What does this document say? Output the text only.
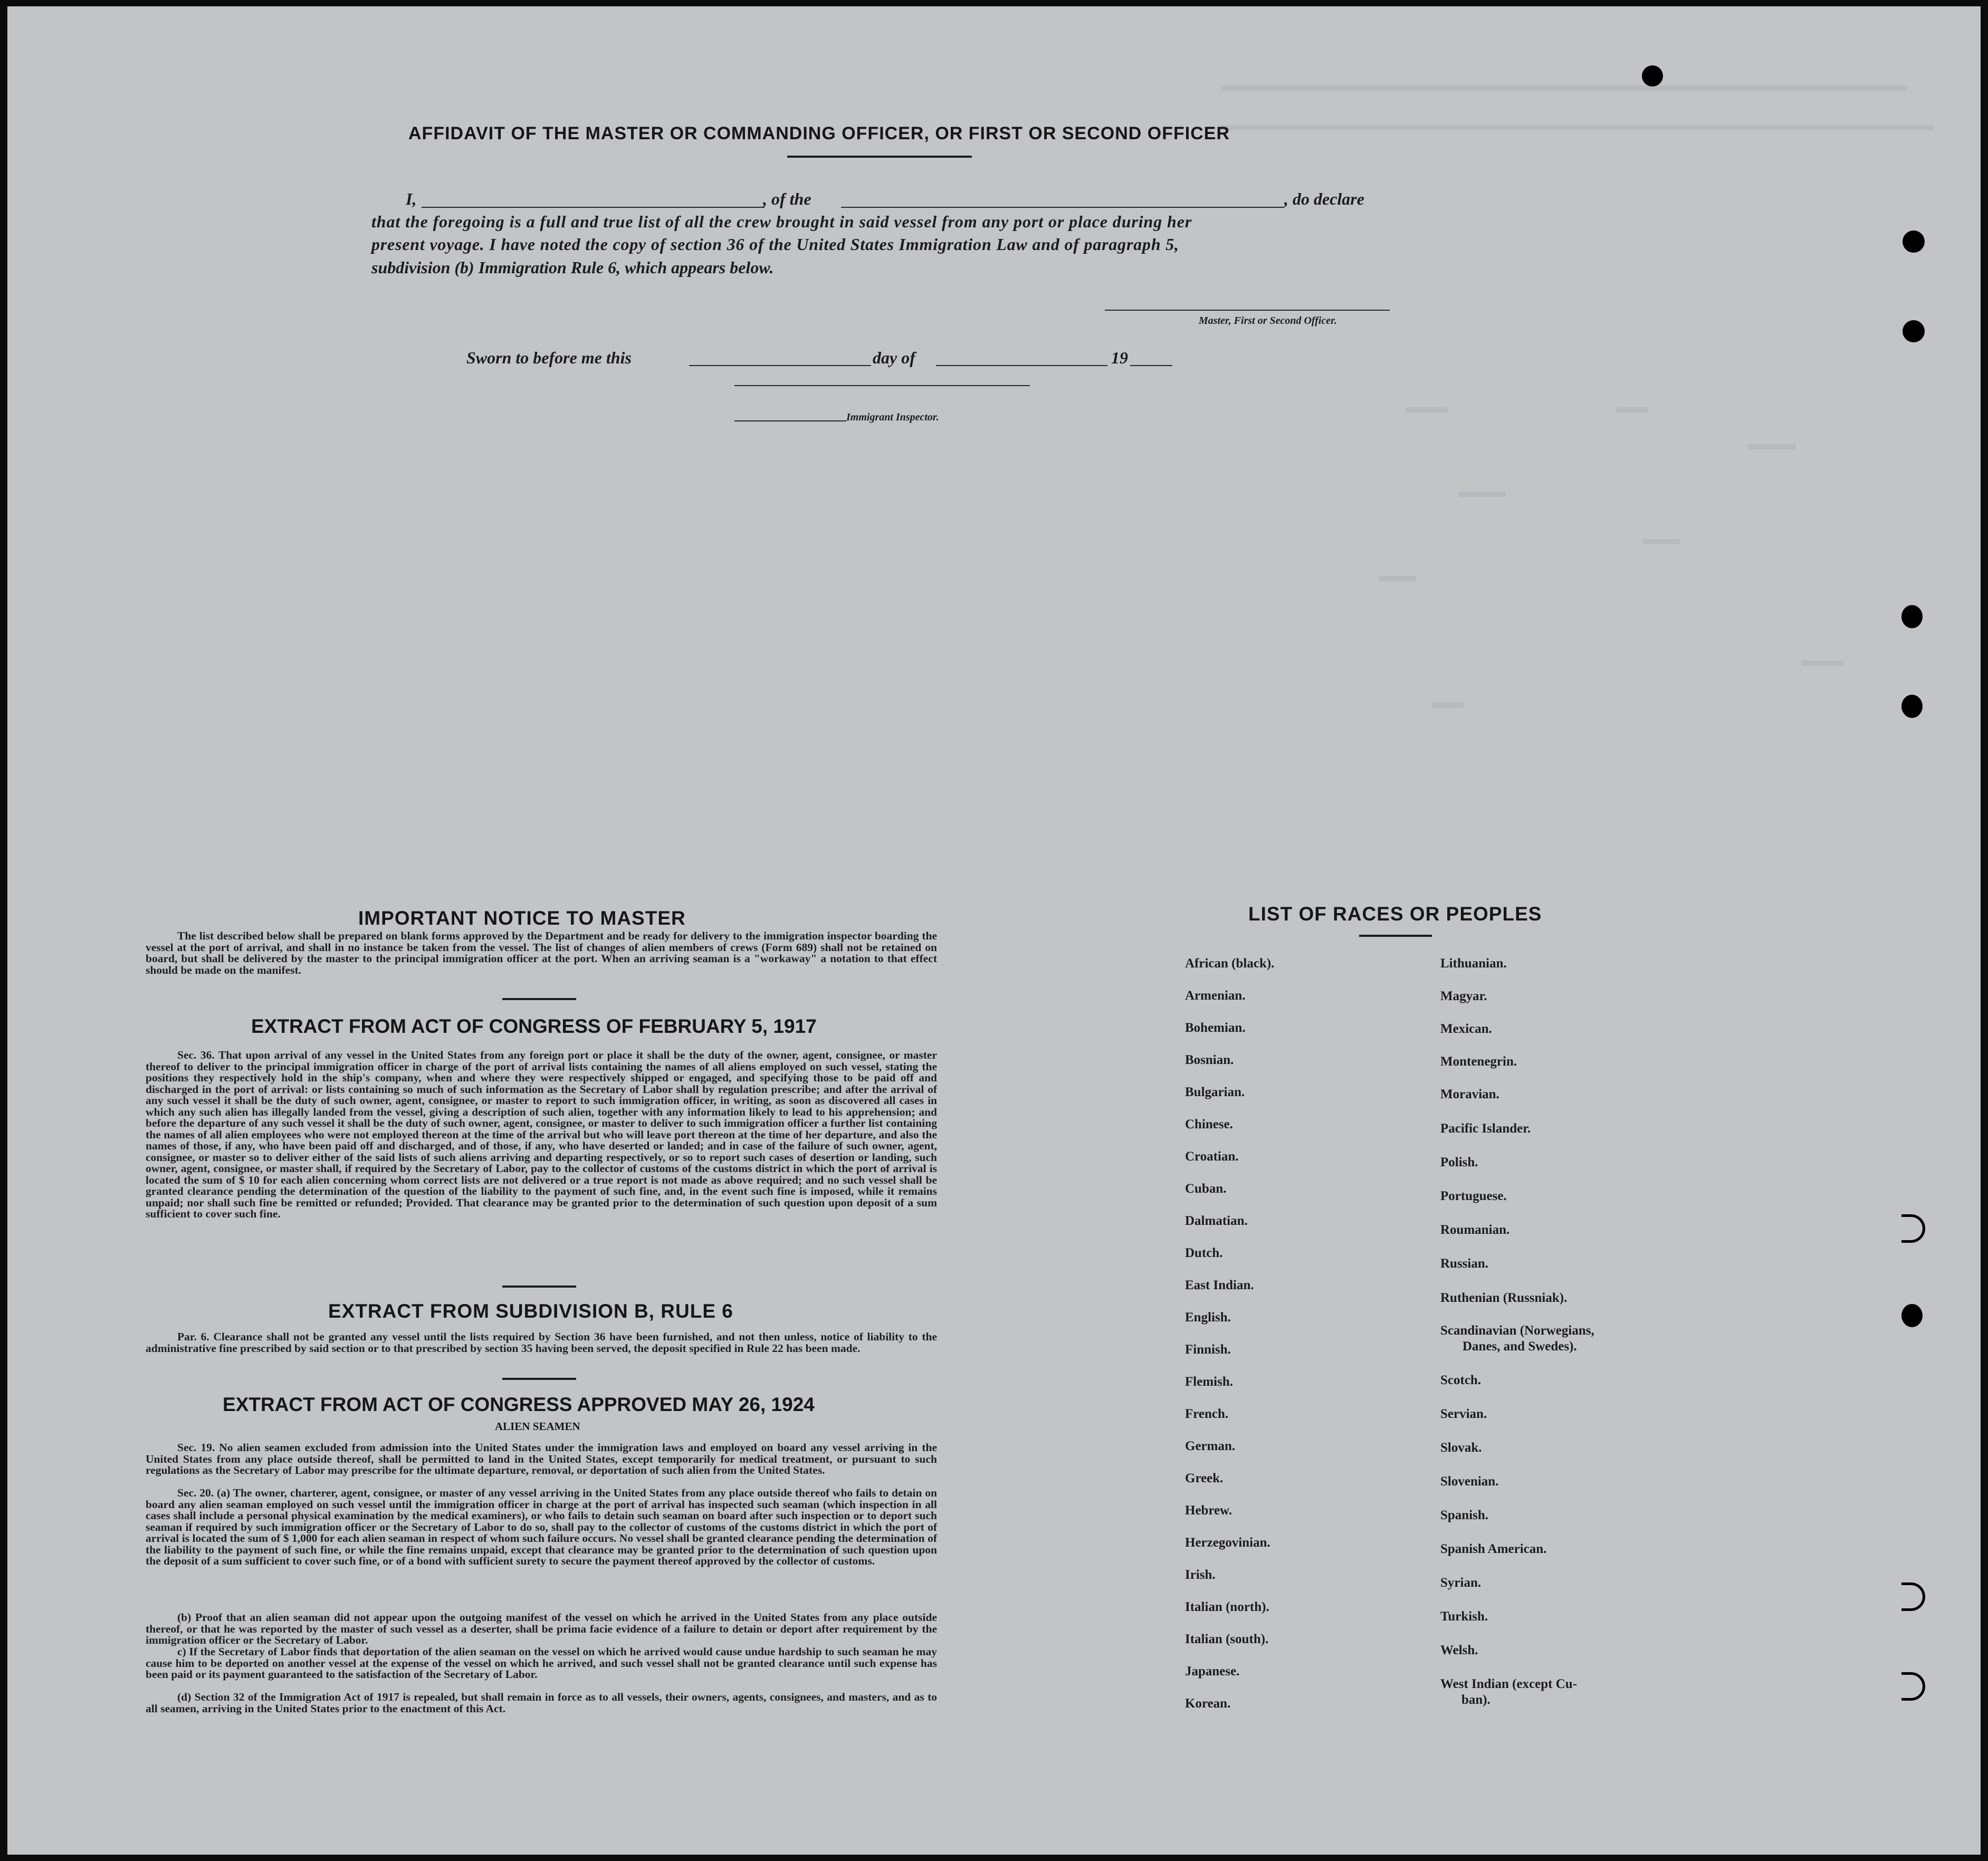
AFFIDAVIT OF THE MASTER OR COMMANDING OFFICER, OR FIRST OR SECOND OFFICER
I,	, of the	, do declare
that the foregoing is a full and true list of all the crew brought in said vessel from any port or place during her
present voyage. I have noted the copy of section 36 of the United States Immigration Law and of paragraph 5,
subdivision (b) Immigration Rule 6, which appears below.
Master, First or Second Officer.
Sworn to before me this	day of	19
Immigrant Inspector.
IMPORTANT NOTICE TO MASTER

The list described below shall be prepared on blank forms approved by the Department and be ready for delivery to the immigration inspector boarding the vessel at the port of arrival, and shall in no instance be taken from the vessel. The list of changes of alien members of crews (Form 689) shall not be retained on board, but shall be delivered by the master to the principal immigration officer at the port. When an arriving seaman is a "workaway" a notation to that effect should be made on the manifest.

EXTRACT FROM ACT OF CONGRESS OF FEBRUARY 5, 1917

Sec. 36. That upon arrival of any vessel in the United States from any foreign port or place it shall be the duty of the owner, agent, consignee, or master thereof to deliver to the principal immigration officer in charge of the port of arrival lists containing the names of all aliens employed on such vessel, stating the positions they respectively hold in the ship's company, when and where they were respectively shipped or engaged, and specifying those to be paid off and discharged in the port of arrival: or lists containing so much of such information as the Secretary of Labor shall by regulation prescribe; and after the arrival of any such vessel it shall be the duty of such owner, agent, consignee, or master to report to such immigration officer, in writing, as soon as discovered all cases in which any such alien has illegally landed from the vessel, giving a description of such alien, together with any information likely to lead to his apprehension; and before the departure of any such vessel it shall be the duty of such owner, agent, consignee, or master to deliver to such immigration officer a further list containing the names of all alien employees who were not employed thereon at the time of the arrival but who will leave port thereon at the time of her departure, and also the names of those, if any, who have been paid off and discharged, and of those, if any, who have deserted or landed; and in case of the failure of such owner, agent, consignee, or master so to deliver either of the said lists of such aliens arriving and departing respectively, or so to report such cases of desertion or landing, such owner, agent, consignee, or master shall, if required by the Secretary of Labor, pay to the collector of customs of the customs district in which the port of arrival is located the sum of $ 10 for each alien concerning whom correct lists are not delivered or a true report is not made as above required; and no such vessel shall be granted clearance pending the determination of the question of the liability to the payment of such fine, and, in the event such fine is imposed, while it remains unpaid; nor shall such fine be remitted or refunded; Provided. That clearance may be granted prior to the determination of such question upon deposit of a sum sufficient to cover such fine.

EXTRACT FROM SUBDIVISION B, RULE 6

Par. 6. Clearance shall not be granted any vessel until the lists required by Section 36 have been furnished, and not then unless, notice of liability to the administrative fine prescribed by said section or to that prescribed by section 35 having been served, the deposit specified in Rule 22 has been made.

EXTRACT FROM ACT OF CONGRESS APPROVED MAY 26, 1924
ALIEN SEAMEN

Sec. 19. No alien seamen excluded from admission into the United States under the immigration laws and employed on board any vessel arriving in the United States from any place outside thereof, shall be permitted to land in the United States, except temporarily for medical treatment, or pursuant to such regulations as the Secretary of Labor may prescribe for the ultimate departure, removal, or deportation of such alien from the United States.

Sec. 20. (a) The owner, charterer, agent, consignee, or master of any vessel arriving in the United States from any place outside thereof who fails to detain on board any alien seaman employed on such vessel until the immigration officer in charge at the port of arrival has inspected such seaman (which inspection in all cases shall include a personal physical examination by the medical examiners), or who fails to detain such seaman on board after such inspection or to deport such seaman if required by such immigration officer or the Secretary of Labor to do so, shall pay to the collector of customs of the customs district in which the port of arrival is located the sum of $ 1,000 for each alien seaman in respect of whom such failure occurs. No vessel shall be granted clearance pending the determination of the liability to the payment of such fine, or while the fine remains unpaid, except that clearance may be granted prior to the determination of such question upon the deposit of a sum sufficient to cover such fine, or of a bond with sufficient surety to secure the payment thereof approved by the collector of customs.

(b) Proof that an alien seaman did not appear upon the outgoing manifest of the vessel on which he arrived in the United States from any place outside thereof, or that he was reported by the master of such vessel as a deserter, shall be prima facie evidence of a failure to detain or deport after requirement by the immigration officer or the Secretary of Labor.

c) If the Secretary of Labor finds that deportation of the alien seaman on the vessel on which he arrived would cause undue hardship to such seaman he may cause him to be deported on another vessel at the expense of the vessel on which he arrived, and such vessel shall not be granted clearance until such expense has been paid or its payment guaranteed to the satisfaction of the Secretary of Labor.

(d) Section 32 of the Immigration Act of 1917 is repealed, but shall remain in force as to all vessels, their owners, agents, consignees, and masters, and as to all seamen, arriving in the United States prior to the enactment of this Act.

LIST OF RACES OR PEOPLES
African (black).
Armenian.
Bohemian.
Bosnian.
Bulgarian.
Chinese.
Croatian.
Cuban.
Dalmatian.
Dutch.
East Indian.
English.
Finnish.
Flemish.
French.
German.
Greek.
Hebrew.
Herzegovinian.
Irish.
Italian (north).
Italian (south).
Japanese.
Korean.
Lithuanian.
Magyar.
Mexican.
Montenegrin.
Moravian.
Pacific Islander.
Polish.
Portuguese.
Roumanian.
Russian.
Ruthenian (Russniak).
Scandinavian (Norwegians,
Danes, and Swedes).
Scotch.
Servian.
Slovak.
Slovenian.
Spanish.
Spanish American.
Syrian.
Turkish.
Welsh.
West Indian (except Cu-
ban).
